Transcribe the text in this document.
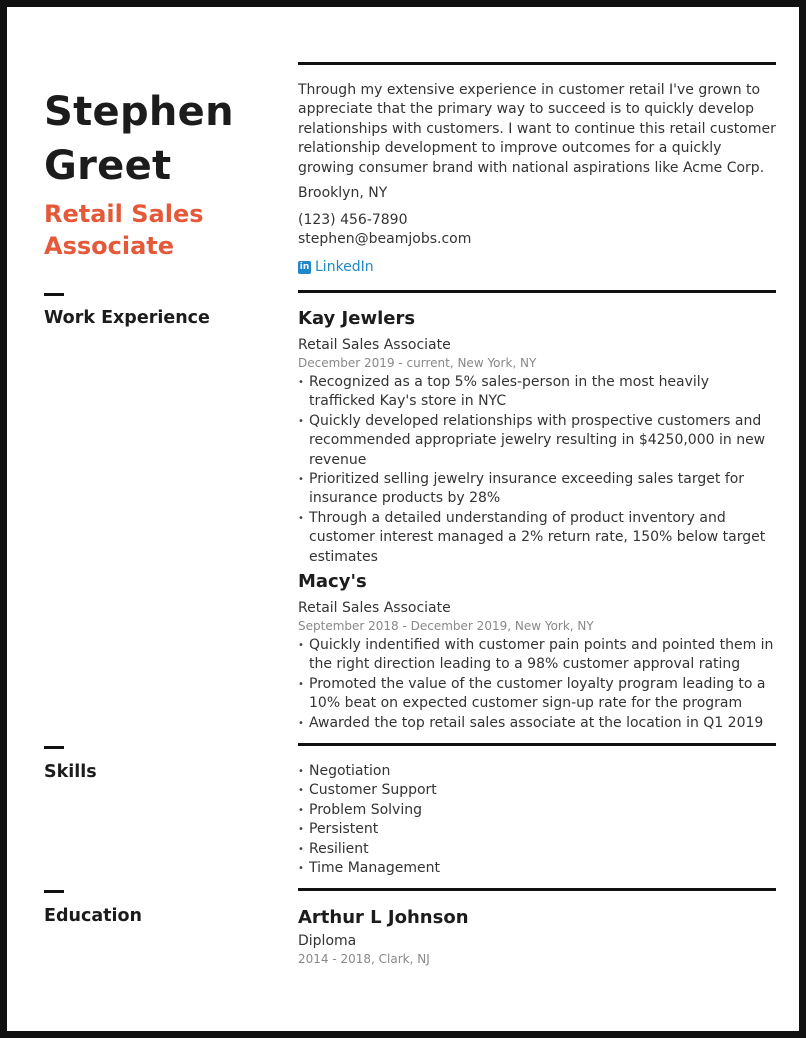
Stephen
Greet
Retail Sales
Associate
Work Experience
Skills
Education
Through my extensive experience in customer retail I've grown to appreciate that the primary way to succeed is to quickly develop relationships with customers. I want to continue this retail customer relationship development to improve outcomes for a quickly growing consumer brand with national aspirations like Acme Corp.
Brooklyn, NY
(123) 456-7890
stephen@beamjobs.com
in LinkedIn
Kay Jewlers
Retail Sales Associate
December 2019 - current, New York, NY
• Recognized as a top 5% sales-person in the most heavily trafficked Kay's store in NYC
• Quickly developed relationships with prospective customers and recommended appropriate jewelry resulting in $4250,000 in new revenue
• Prioritized selling jewelry insurance exceeding sales target for insurance products by 28%
• Through a detailed understanding of product inventory and customer interest managed a 2% return rate, 150% below target estimates
Macy's
Retail Sales Associate
September 2018 - December 2019, New York, NY
• Quickly indentified with customer pain points and pointed them in the right direction leading to a 98% customer approval rating
• Promoted the value of the customer loyalty program leading to a 10% beat on expected customer sign-up rate for the program
• Awarded the top retail sales associate at the location in Q1 2019
• Negotiation
• Customer Support
• Problem Solving
• Persistent
• Resilient
• Time Management
Arthur L Johnson
Diploma
2014 - 2018, Clark, NJ
